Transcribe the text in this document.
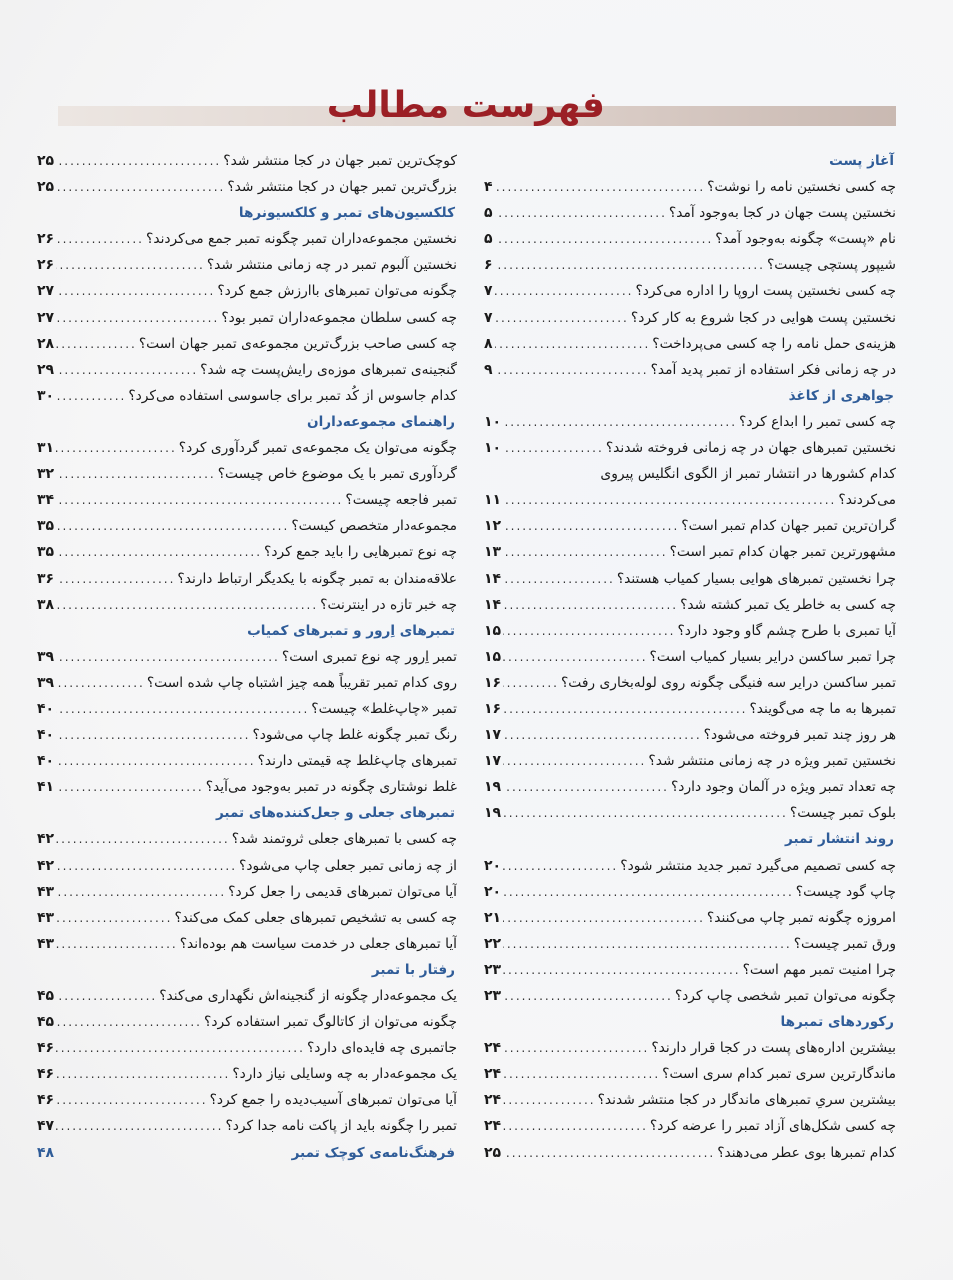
فهرست مطالب
آغاز پست
چه کسی نخستین نامه را نوشت؟
.....
۴
نخستین پست جهان در کجا به‌وجود آمد؟
.....
۵
نام «پست» چگونه به‌وجود آمد؟
.....
۵
شیپور پستچی چیست؟
.....
۶
چه کسی نخستین پست اروپا را اداره می‌کرد؟
.....
۷
نخستین پست هوایی در کجا شروع به کار کرد؟
.....
۷
هزینه‌ی حمل نامه را چه کسی می‌پرداخت؟
.....
۸
در چه زمانی فکر استفاده از تمبر پدید آمد؟
.....
۹
جواهری از کاغذ
چه کسی تمبر را ابداع کرد؟
.....
۱۰
نخستین تمبرهای جهان در چه زمانی فروخته شدند؟
.....
۱۰
کدام کشورها در انتشار تمبر از الگوی انگلیس پیروی
می‌کردند؟
.....
۱۱
گران‌ترین تمبر جهان کدام تمبر است؟
.....
۱۲
مشهورترین تمبر جهان کدام تمبر است؟
.....
۱۳
چرا نخستین تمبرهای هوایی بسیار کمیاب هستند؟
.....
۱۴
چه کسی به خاطر یک تمبر کشته شد؟
.....
۱۴
آیا تمبری با طرح چشم گاو وجود دارد؟
.....
۱۵
چرا تمبر ساکسن درایر بسیار کمیاب است؟
.....
۱۵
تمبر ساکسن درایر سه فنیگی چگونه روی لوله‌بخاری رفت؟
.....
۱۶
تمبرها به ما چه می‌گویند؟
.....
۱۶
هر روز چند تمبر فروخته می‌شود؟
.....
۱۷
نخستین تمبر ویژه در چه زمانی منتشر شد؟
.....
۱۷
چه تعداد تمبر ویژه در آلمان وجود دارد؟
.....
۱۹
بلوک تمبر چیست؟
.....
۱۹
روند انتشار تمبر
چه کسی تصمیم می‌گیرد تمبر جدید منتشر شود؟
.....
۲۰
چاپ گود چیست؟
.....
۲۰
امروزه چگونه تمبر چاپ می‌کنند؟
.....
۲۱
ورق تمبر چیست؟
.....
۲۲
چرا امنیت تمبر مهم است؟
.....
۲۳
چگونه می‌توان تمبر شخصی چاپ کرد؟
.....
۲۳
رکوردهای تمبرها
بیشترین اداره‌های پست در کجا قرار دارند؟
.....
۲۴
ماندگارترین سری تمبر کدام سری است؟
.....
۲۴
بیشترین سریِ تمبرهای ماندگار در کجا منتشر شدند؟
.....
۲۴
چه کسی شکل‌های آزاد تمبر را عرضه کرد؟
.....
۲۴
کدام تمبرها بوی عطر می‌دهند؟
.....
۲۵
کوچک‌ترین تمبر جهان در کجا منتشر شد؟
.....
۲۵
بزرگ‌ترین تمبر جهان در کجا منتشر شد؟
.....
۲۵
کلکسیون‌های تمبر و کلکسیونرها
نخستین مجموعه‌داران تمبر چگونه تمبر جمع می‌کردند؟
.....
۲۶
نخستین آلبوم تمبر در چه زمانی منتشر شد؟
.....
۲۶
چگونه می‌توان تمبرهای باارزش جمع کرد؟
.....
۲۷
چه کسی سلطان مجموعه‌داران تمبر بود؟
.....
۲۷
چه کسی صاحب بزرگ‌ترین مجموعه‌ی تمبر جهان است؟
.....
۲۸
گنجینه‌ی تمبرهای موزه‌ی رایش‌پست چه شد؟
.....
۲۹
کدام جاسوس از کُد تمبر برای جاسوسی استفاده می‌کرد؟
.....
۳۰
راهنمای مجموعه‌داران
چگونه می‌توان یک مجموعه‌ی تمبر گردآوری کرد؟
.....
۳۱
گردآوری تمبر با یک موضوع خاص چیست؟
.....
۳۲
تمبر فاجعه چیست؟
.....
۳۴
مجموعه‌دار متخصص کیست؟
.....
۳۵
چه نوع تمبرهایی را باید جمع کرد؟
.....
۳۵
علاقه‌مندان به تمبر چگونه با یکدیگر ارتباط دارند؟
.....
۳۶
چه خبر تازه در اینترنت؟
.....
۳۸
تمبرهای اِرور و تمبرهای کمیاب
تمبر اِرور چه نوع تمبری است؟
.....
۳۹
روی کدام تمبر تقریباً همه چیز اشتباه چاپ شده است؟
.....
۳۹
تمبر «چاپ‌غلط» چیست؟
.....
۴۰
رنگ تمبر چگونه غلط چاپ می‌شود؟
.....
۴۰
تمبرهای چاپ‌غلط چه قیمتی دارند؟
.....
۴۰
غلط نوشتاری چگونه در تمبر به‌وجود می‌آید؟
.....
۴۱
تمبرهای جعلی و جعل‌کننده‌های تمبر
چه کسی با تمبرهای جعلی ثروتمند شد؟
.....
۴۲
از چه زمانی تمبر جعلی چاپ می‌شود؟
.....
۴۲
آیا می‌توان تمبرهای قدیمی را جعل کرد؟
.....
۴۳
چه کسی به تشخیص تمبرهای جعلی کمک می‌کند؟
.....
۴۳
آیا تمبرهای جعلی در خدمت سیاست هم بوده‌اند؟
.....
۴۳
رفتار با تمبر
یک مجموعه‌دار چگونه از گنجینه‌اش نگهداری می‌کند؟
.....
۴۵
چگونه می‌توان از کاتالوگ تمبر استفاده کرد؟
.....
۴۵
جاتمبری چه فایده‌ای دارد؟
.....
۴۶
یک مجموعه‌دار به چه وسایلی نیاز دارد؟
.....
۴۶
آیا می‌توان تمبرهای آسیب‌دیده را جمع کرد؟
.....
۴۶
تمبر را چگونه باید از پاکت نامه جدا کرد؟
.....
۴۷
فرهنگ‌نامه‌ی کوچک تمبر
۴۸
